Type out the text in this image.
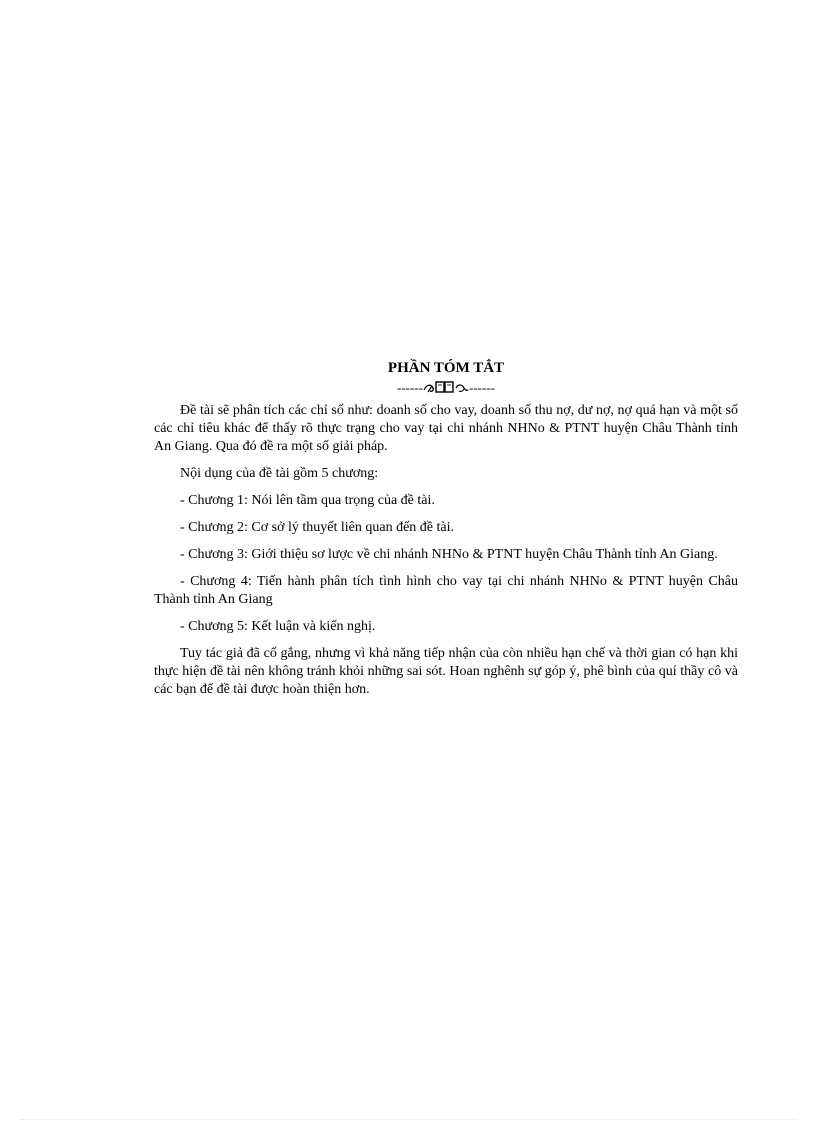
PHẦN TÓM TẮT
------	------

Đề tài sẽ phân tích các chỉ số như: doanh số cho vay, doanh số thu nợ, dư nợ, nợ quá hạn và một số các chỉ tiêu khác để thấy rõ thực trạng cho vay tại chi nhánh NHNo & PTNT huyện Châu Thành tỉnh An Giang. Qua đó đề ra một số giải pháp.

Nội dụng của đề tài gồm 5 chương:

- Chương 1: Nói lên tầm qua trọng của đề tài.

- Chương 2: Cơ sở lý thuyết liên quan đến đề tài.

- Chương 3: Giới thiệu sơ lược về chi nhánh NHNo & PTNT huyện Châu Thành tỉnh An Giang.

- Chương 4: Tiến hành phân tích tình hình cho vay tại chi nhánh NHNo & PTNT huyện Châu Thành tỉnh An Giang

- Chương 5: Kết luận và kiến nghị.

Tuy tác giả đã cố gắng, nhưng vì khả năng tiếp nhận của còn nhiều hạn chế và thời gian có hạn khi thực hiện đề tài nên không tránh khỏi những sai sót. Hoan nghênh sự góp ý, phê bình của quí thầy cô và các bạn để đề tài được hoàn thiện hơn.
